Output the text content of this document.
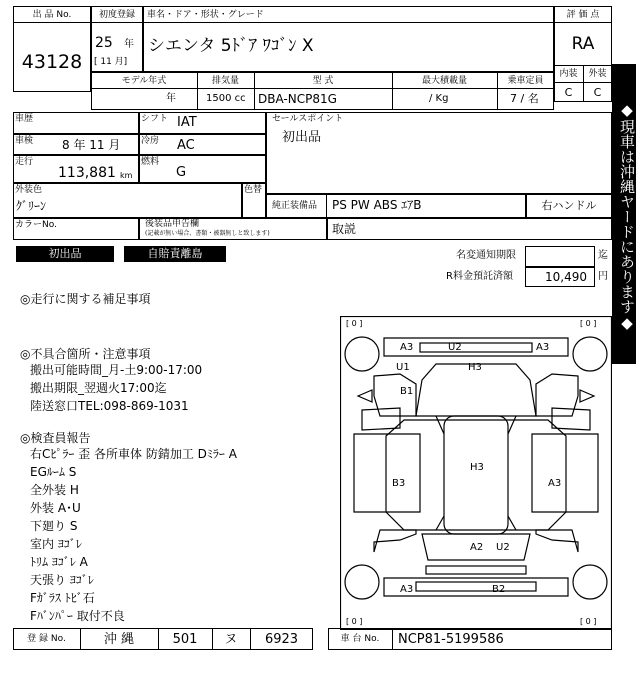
出 品 No.
43128
初度登録
25 年
[ 11 月]
車名・ドア・形状・グレード
シエンタ 5ﾄﾞｱ ﾜｺﾞﾝ X
評 価 点
RA
内装	外装
C	C
モデル年式	排気量	型 式	最大積載量	乗車定員
年	1500 cc DBA-NCP81G	/ Kg	7 / 名
車歴	シフト IAT
車検 8 年 11 月 冷房 AC
走行
113,881 km
燃料
G
外装色
ｸﾞﾘｰﾝ
色替
カラーNo.	後装品申告欄
(記載が無い場合、書類・被器無しと致します)
セールスポイント
初出品
純正装備品 PS PW ABS ｴｱB	右ハンドル
取説
初出品	自賠責離島	◆現車は沖縄ヤードにあります◆
名変通知期限	迄
R料金預託済額	10,490 円
◎走行に関する補足事項
◎不具合箇所・注意事項
搬出可能時間_月-土9:00-17:00
搬出期限_翌週火17:00迄
陸送窓口TEL:098-869-1031
◎検査員報告
右Cﾋﾟﾗｰ 歪 各所車体 防錆加工 Dﾐﾗｰ A
EGﾙｰﾑ S
全外装 H
外装 A･U
下廻り S
室内 ﾖｺﾞﾚ
ﾄﾘﾑ ﾖｺﾞﾚ A
天張り ﾖｺﾞﾚ
Fｶﾞﾗｽ ﾄﾋﾞ石
Fﾊﾞﾝﾊﾟｰ 取付不良
[ 0 ]	[ 0 ]
[ 0 ]	[ 0 ]
A3	U2	A3
U1	H3
B1
H3
B3	A3
A2 U2
A3	B2
登 録 No.	沖 縄	501	ヌ	6923	車 台 No.	NCP81-5199586
